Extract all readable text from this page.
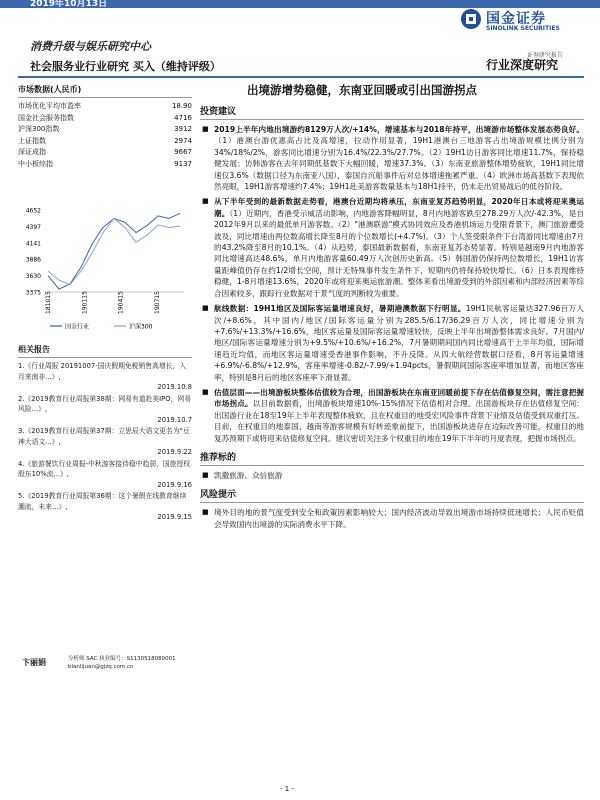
2019年10月13日
国金证券
SINOLINK SECURITIES
证券研究报告
消费升级与娱乐研究中心
社会服务业行业研究 买入（维持评级）	行业深度研究
市场数据(人民币)
市场优化平均市盈率	18.90
国金社会服务指数	4716
沪深300指数	3912
上证指数	2974
深证成指	9667
中小板综指	9137
4652
4397
4141
3886
3630
3375 181015	190115	190415	190715
国金行业	沪深300
相关报告
1.《行业周报 20191007-国庆假期免税销售高增长，入月来南非...》,
2019.10.8
2.《2019教育行业周报第38期：网易有道赴美IPO，网易风险...》,
2019.10.7
3.《2019教育行业周报第37期：立思辰大语文更名为"豆神大语文...》,
2019.9.22
4.《旅游餐饮行业周报-中秋游客接待稳中趋弱，国旅授权股东10%流...》,
2019.9.16
5.《2019教育行业周报第36期：这个暑假在线教育继续潮流，未来...》,
2019.9.15
卞丽娟	分析师 SAC 执业编号：S1130518080001
bianlijuan@gjzq.com.cn
出境游增势稳健，东南亚回暖或引出国游拐点
投资建议
■ 2019上半年内地出境游约8129万人次/+14%，增速基本与2018年持平，出境游市场整体发展态势良好。（1）港澳台游优惠高占比及高增速，拉动作用显著，19H1港澳台三地游客占出境游规模比例分别为34%/18%/2%，游客同比增速分别为16.4%/22.3%/27.7%。（2）19H1访日游客同比增速11.7%，保持稳健发展；访韩游客在去年同期低基数下大幅回暖，增速37.3%。（3）东南亚旅游整体增势疲软，19H1同比增速仅3.6%（数据口径为东南亚八国），泰国自沉船事件后对总体增速拖累严重。（4）欧洲市场高基数下表现依然亮眼，19H1游客增速约7.4%；19H1赴美游客数量基本与18H1持平，仍未走出贸易战后的低谷阶段。
■ 从下半年受到的最新数据走势看，港澳台近期均将承压，东南亚复苏趋势明显，2020年日本或将迎来奥运潮。（1）近期内，香港受示威活动影响，内地游客降幅明显，8月内地游客跌至278.29万人次/-42.3%，是自2012年9月以来的最低单月游客数。（2）"港澳联游"模式协同效应及香港机场运力受限背景下，澳门旅游遭受波及，同比增速由两位数高增长降至8月的个位数增长(+4.7%)。（3）个人签受限条件下台湾游同比增速由7月的43.2%降至8月的10.1%。（4）从趋势，泰国最新数据看，东南亚复苏态势显著。特别是越南9月内地游客同比增速高达48.6%，单月内地游客量60.49万人次创历史新高。（5）韩国游仍保持两位数增长，19H1访客量距峰值仍存在约1/2增长空间，预计无特殊事件发生条件下，短期内仍将保持较快增长。（6）日本表现维持稳健，1-8月增速13.6%，2020年或将迎来奥运旅游潮。整体来看出境游受到的外部因素和内部经济因素等综合因素较多，跟踪行业数据对于景气度的判断较为重要。
■ 航线数据：19H1地区及国际客运量增速良好，暑期港澳数据下行明显。19H1民航客运量达327.96百万人次/+8.6%，其中国内/地区/国际客运量分别为285.5/6.17/36.29百万人次，同比增速分别为+7.6%/+13.3%/+16.6%，地区客运量及国际客运量增速较快，反映上半年出境游整体需求良好。7月国内/地区/国际客运量增速分别为+9.5%/+10.6%/+16.2%，7月暑期期间国内同比增速高于上半年均值，国际增速趋近均值，而地区客运量增速受香港事件影响，不升反降。从四大航经营数据口径看，8月客运量增速+6.9%/-6.8%/+12.9%，客座率增速-0.82/-7.99/+1.94pcts，暑假期间国际客座率增加显著，而地区客座率，特别是8月后的地区客座率下滑显著。
■ 估值层面——出境游板块整体估值较为合理，出国游板块在东南亚回暖前提下存在估值修复空间，需注意把握市场拐点。以目前数据看，出境游板块增速10%-15%情况下估值相对合理。出国游板块存在估值修复空间：出国游行业在18至19年上半年表现整体疲软，且在权重目的地受宏风险事件背景下业绩及估值受到双重打压。目前，在权重目的地泰国、越南等游客规模有好转迹象前提下，出国游板块进存在边际改善可能，权重目的地复苏预期下或将迎来估值修复空间。建议密切关注多个权重目的地在19年下半年的月度表现，把握市场拐点。
推荐标的
■ 凯撒旅游、众信旅游
风险提示
■ 境外目的地的景气度受到安全和政策因素影响较大；国内经济波动导致出境游市场持续低迷增长；人民币贬值会导致国内出境游的实际消费水平下降。
- 1 -
